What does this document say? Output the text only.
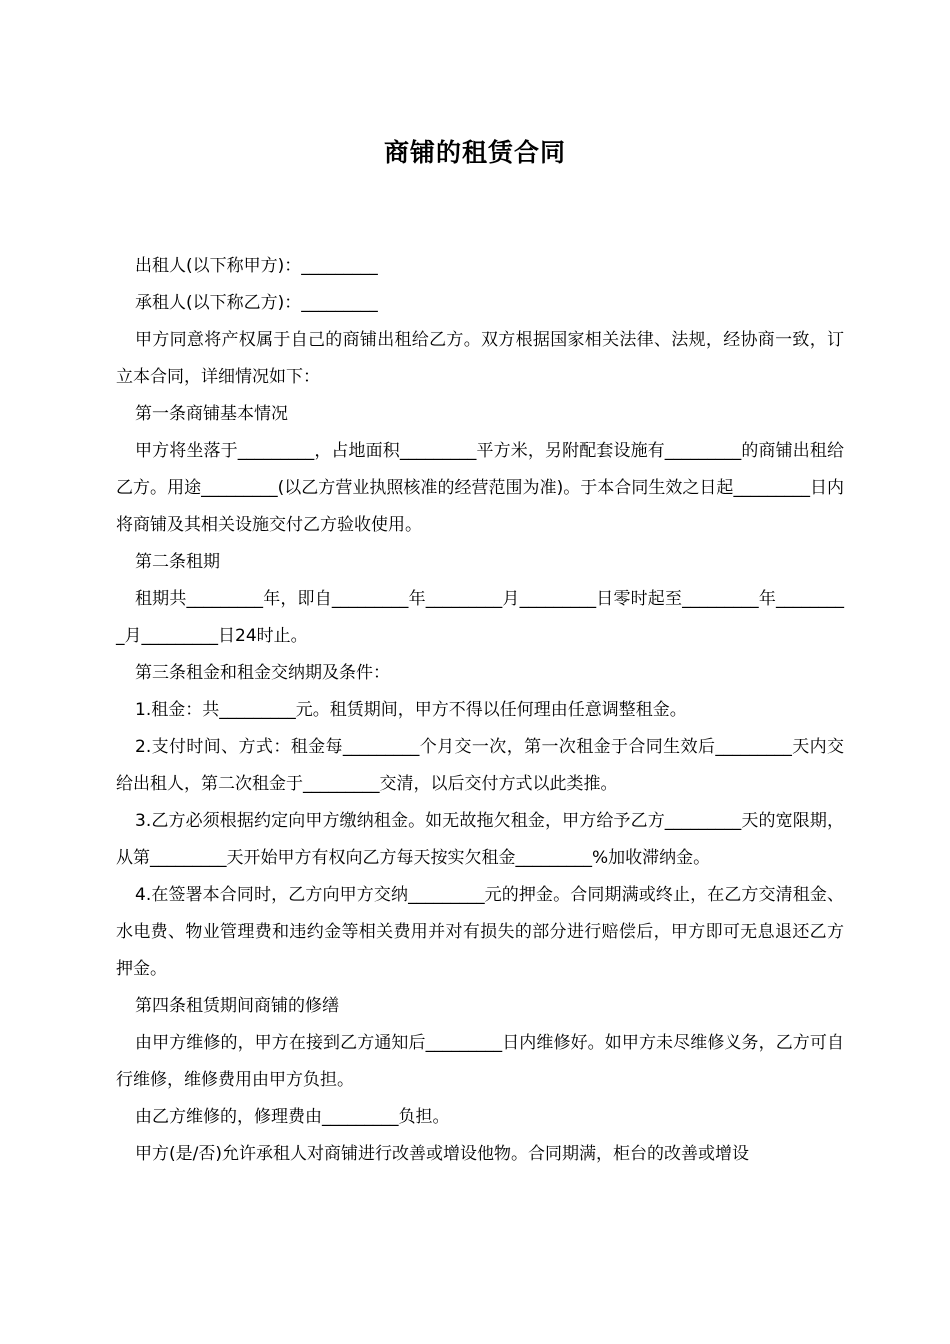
商铺的租赁合同

出租人(以下称甲方)：_________

承租人(以下称乙方)：_________

甲方同意将产权属于自己的商铺出租给乙方。双方根据国家相关法律、法规，经协商一致，订立本合同，详细情况如下：

第一条商铺基本情况

甲方将坐落于_________，占地面积_________平方米，另附配套设施有_________的商铺出租给乙方。用途_________(以乙方营业执照核准的经营范围为准)。于本合同生效之日起_________日内将商铺及其相关设施交付乙方验收使用。

第二条租期

租期共_________年，即自_________年_________月_________日零时起至_________年_________月_________日24时止。

第三条租金和租金交纳期及条件：

1.租金：共_________元。租赁期间，甲方不得以任何理由任意调整租金。

2.支付时间、方式：租金每_________个月交一次，第一次租金于合同生效后_________天内交给出租人，第二次租金于_________交清，以后交付方式以此类推。

3.乙方必须根据约定向甲方缴纳租金。如无故拖欠租金，甲方给予乙方_________天的宽限期，从第_________天开始甲方有权向乙方每天按实欠租金_________%加收滞纳金。

4.在签署本合同时，乙方向甲方交纳_________元的押金。合同期满或终止，在乙方交清租金、水电费、物业管理费和违约金等相关费用并对有损失的部分进行赔偿后，甲方即可无息退还乙方押金。

第四条租赁期间商铺的修缮

由甲方维修的，甲方在接到乙方通知后_________日内维修好。如甲方未尽维修义务，乙方可自行维修，维修费用由甲方负担。

由乙方维修的，修理费由_________负担。

甲方(是/否)允许承租人对商铺进行改善或增设他物。合同期满，柜台的改善或增设
